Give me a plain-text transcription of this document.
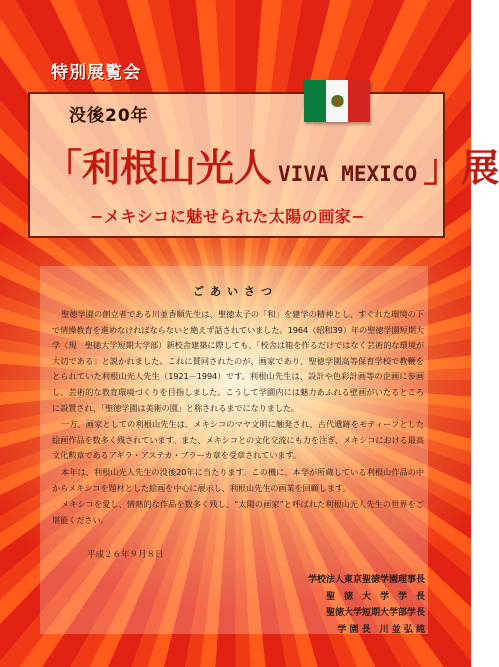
特別展覧会
没後20年
「利根山光人 VIVA MEXICO 」展
−メキシコに魅せられた太陽の画家−
ごあいさつ

聖徳学園の創立者である川並香順先生は、聖徳太子の「和」を建学の精神とし、すぐれた環境の下で情操教育を進めなければならないと絶えず話されていました。1964（昭和39）年の聖徳学園短期大学（現　聖徳大学短期大学部）新校舎建築に際しても、「校舎は箱を作るだけではなく芸術的な環境が大切である」と説かれました。これに賛同されたのが、画家であり、聖徳学園高等保育学校で教鞭をとられていた利根山光人先生（1921－1994）です。利根山先生は、設計や色彩計画等の企画に参画し、芸術的な教育環境づくりを目指しました。こうして学園内には魅力あふれる壁画がいたるところに設置され、「聖徳学園は美術の園」と称されるまでになりました。

一方、画家としての利根山先生は、メキシコのマヤ文明に触発され、古代遺跡をモティーフとした絵画作品を数多く残されています。また、メキシコとの文化交流にも力を注ぎ、メキシコにおける最高文化勲章であるアギラ・アステカ・ブラーカ章を受章されています。

本年は、利根山光人先生の没後20年に当たります。この機に、本学が所蔵している利根山作品の中からメキシコを題材とした絵画を中心に展示し、利根山先生の画業を回顧します。

メキシコを愛し、情熱的な作品を数多く残し、“太陽の画家”と呼ばれた利根山光人先生の世界をご堪能ください。

平成２６年９月８日
学校法人東京聖徳学園理事長
聖　徳　大　学　学　長
聖徳大学短期大学部学長
学 園 長　川 並 弘 純
